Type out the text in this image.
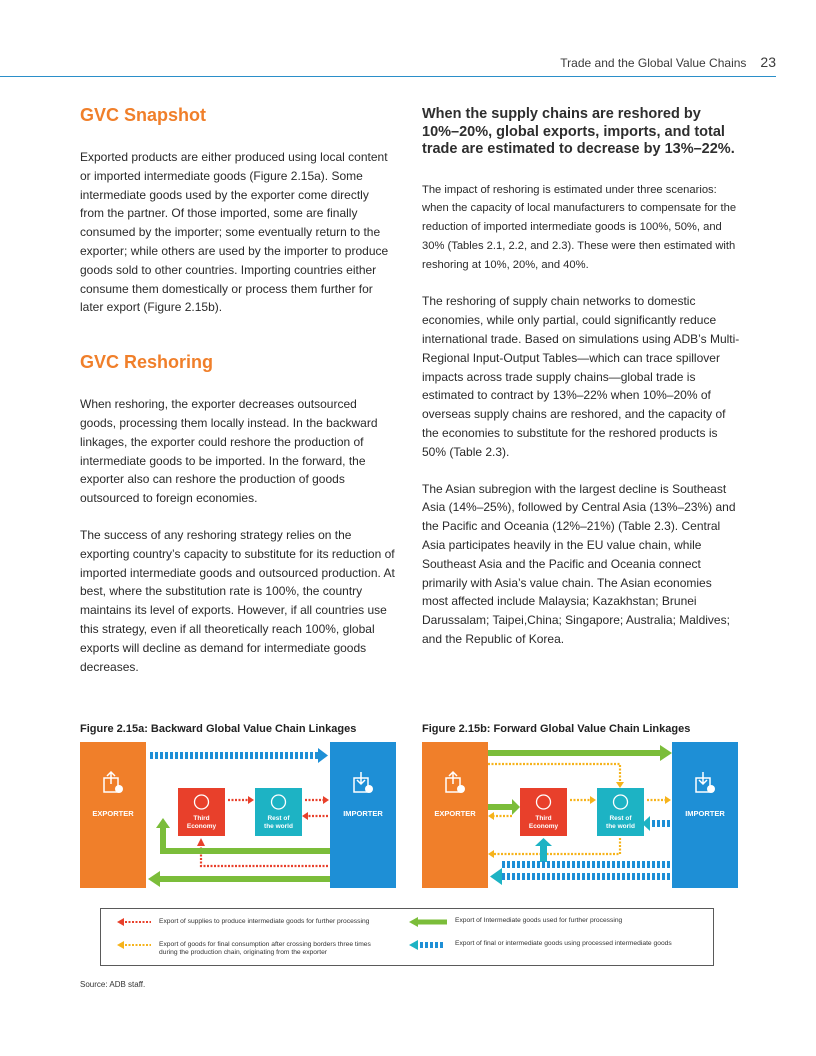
Trade and the Global Value Chains 23
GVC Snapshot

Exported products are either produced using local content or imported intermediate goods (Figure 2.15a). Some intermediate goods used by the exporter come directly from the partner. Of those imported, some are finally consumed by the importer; some eventually return to the exporter; while others are used by the importer to produce goods sold to other countries. Importing countries either consume them domestically or process them further for later export (Figure 2.15b).

GVC Reshoring

When reshoring, the exporter decreases outsourced goods, processing them locally instead. In the backward linkages, the exporter could reshore the production of intermediate goods to be imported. In the forward, the exporter also can reshore the production of goods outsourced to foreign economies.

The success of any reshoring strategy relies on the exporting country’s capacity to substitute for its reduction of imported intermediate goods and outsourced production. At best, where the substitution rate is 100%, the country maintains its level of exports. However, if all countries use this strategy, even if all theoretically reach 100%, global exports will decline as demand for intermediate goods decreases.

When the supply chains are reshored by 10%–20%, global exports, imports, and total trade are estimated to decrease by 13%–22%.

The impact of reshoring is estimated under three scenarios: when the capacity of local manufacturers to compensate for the reduction of imported intermediate goods is 100%, 50%, and 30% (Tables 2.1, 2.2, and 2.3). These were then estimated with reshoring at 10%, 20%, and 40%.

The reshoring of supply chain networks to domestic economies, while only partial, could significantly reduce international trade. Based on simulations using ADB’s Multi-Regional Input-Output Tables—which can trace spillover impacts across trade supply chains—global trade is estimated to contract by 13%–22% when 10%–20% of overseas supply chains are reshored, and the capacity of the economies to substitute for the reshored products is 50% (Table 2.3).

The Asian subregion with the largest decline is Southeast Asia (14%–25%), followed by Central Asia (13%–23%) and the Pacific and Oceania (12%–21%) (Table 2.3). Central Asia participates heavily in the EU value chain, while Southeast Asia and the Pacific and Oceania connect primarily with Asia’s value chain. The Asian economies most affected include Malaysia; Kazakhstan; Brunei Darussalam; Taipei,China; Singapore; Australia; Maldives; and the Republic of Korea.

Figure 2.15a: Backward Global Value Chain Linkages	Figure 2.15b: Forward Global Value Chain Linkages
EXPORTER	IMPORTER
Third
Economy
Rest of
the world
EXPORTER	IMPORTER
Third
Economy
Rest of
the world
Export of supplies to produce intermediate goods for further processing
Export of goods for final consumption after crossing borders three times
during the production chain, originating from the exporter
Export of Intermediate goods used for further processing
Export of final or intermediate goods using processed intermediate goods
Source: ADB staff.
